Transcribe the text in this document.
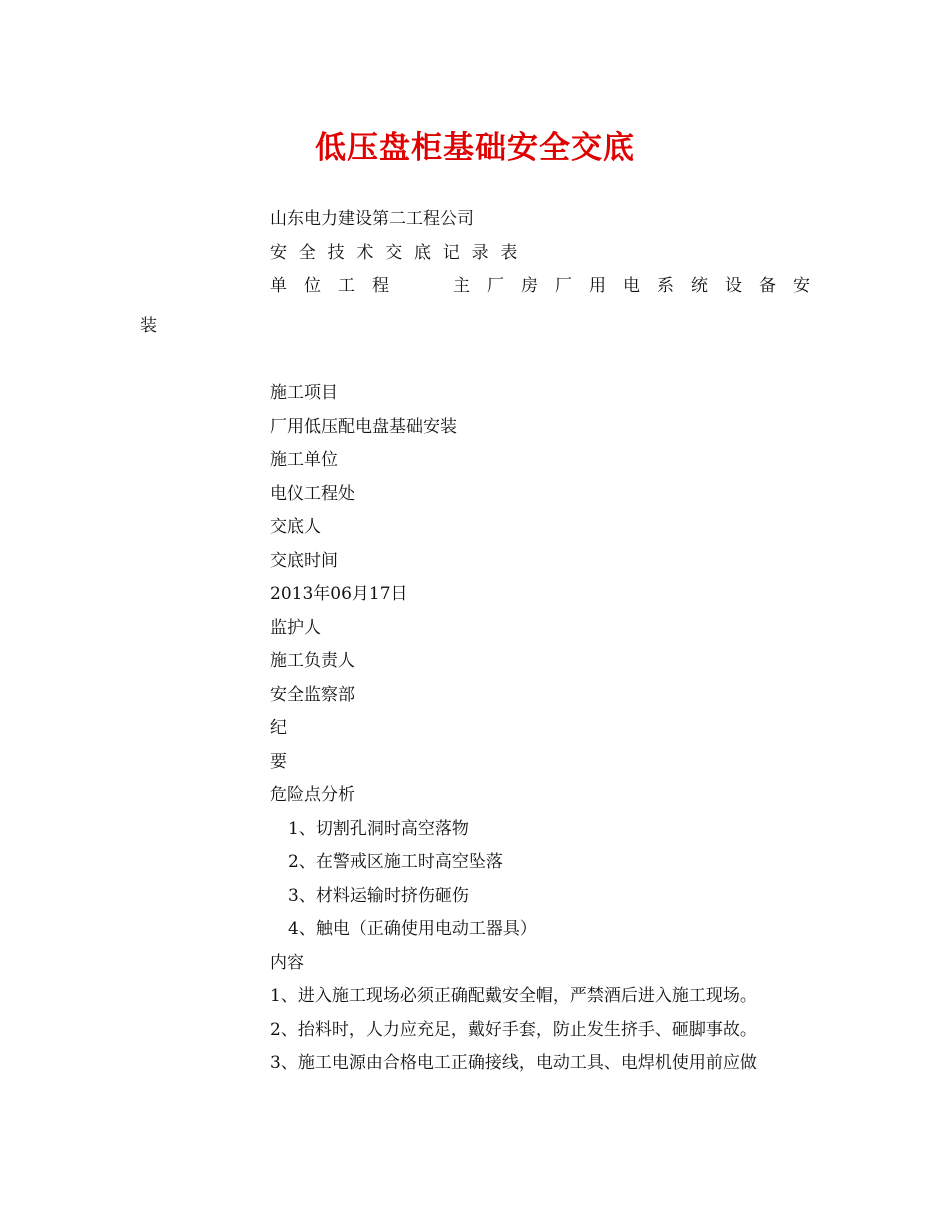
低压盘柜基础安全交底
山东电力建设第二工程公司
安全技术交底记录表
单 位 工 程	主 厂 房 厂 用 电 系 统 设 备 安
装
施工项目
厂用低压配电盘基础安装
施工单位
电仪工程处
交底人
交底时间
2013年06月17日
监护人
施工负责人
安全监察部
纪
要
危险点分析
1、切割孔洞时高空落物
2、在警戒区施工时高空坠落
3、材料运输时挤伤砸伤
4、触电（正确使用电动工器具）
内容
1、进入施工现场必须正确配戴安全帽，严禁酒后进入施工现场。
2、抬料时，人力应充足，戴好手套，防止发生挤手、砸脚事故。
3、施工电源由合格电工正确接线，电动工具、电焊机使用前应做
